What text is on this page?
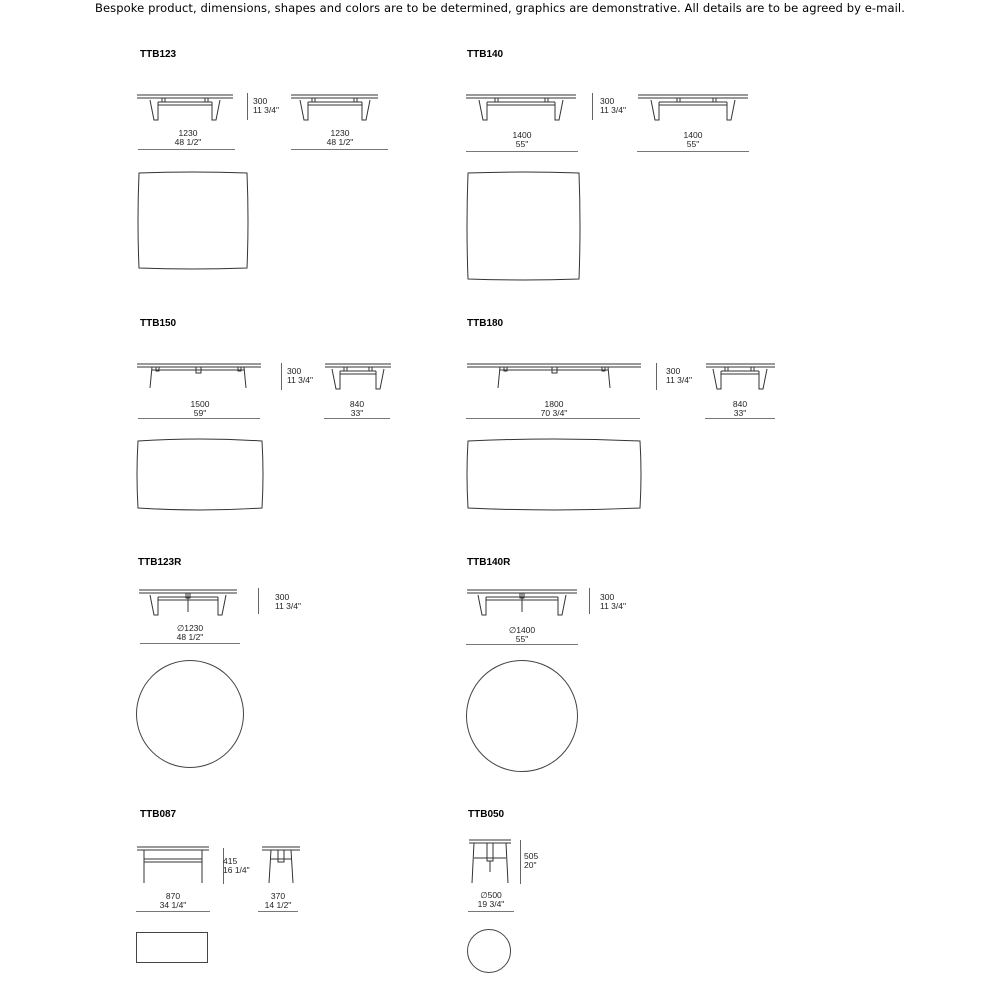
Bespoke product, dimensions, shapes and colors are to be determined, graphics are demonstrative. All details are to be agreed by e-mail.
TTB123
300
11 3/4"
1230
48 1/2"
1230
48 1/2"
TTB140
300
11 3/4"
1400
55"
1400
55"
TTB150
300
11 3/4"
1500
59"
840
33"
TTB180
300
11 3/4"
1800
70 3/4"
840
33"
TTB123R
300
11 3/4"
∅1230
48 1/2"
TTB140R
300
11 3/4"
∅1400
55"
TTB087
415
16 1/4"
870
34 1/4"
370
14 1/2"
TTB050
505
20"
∅500
19 3/4"
